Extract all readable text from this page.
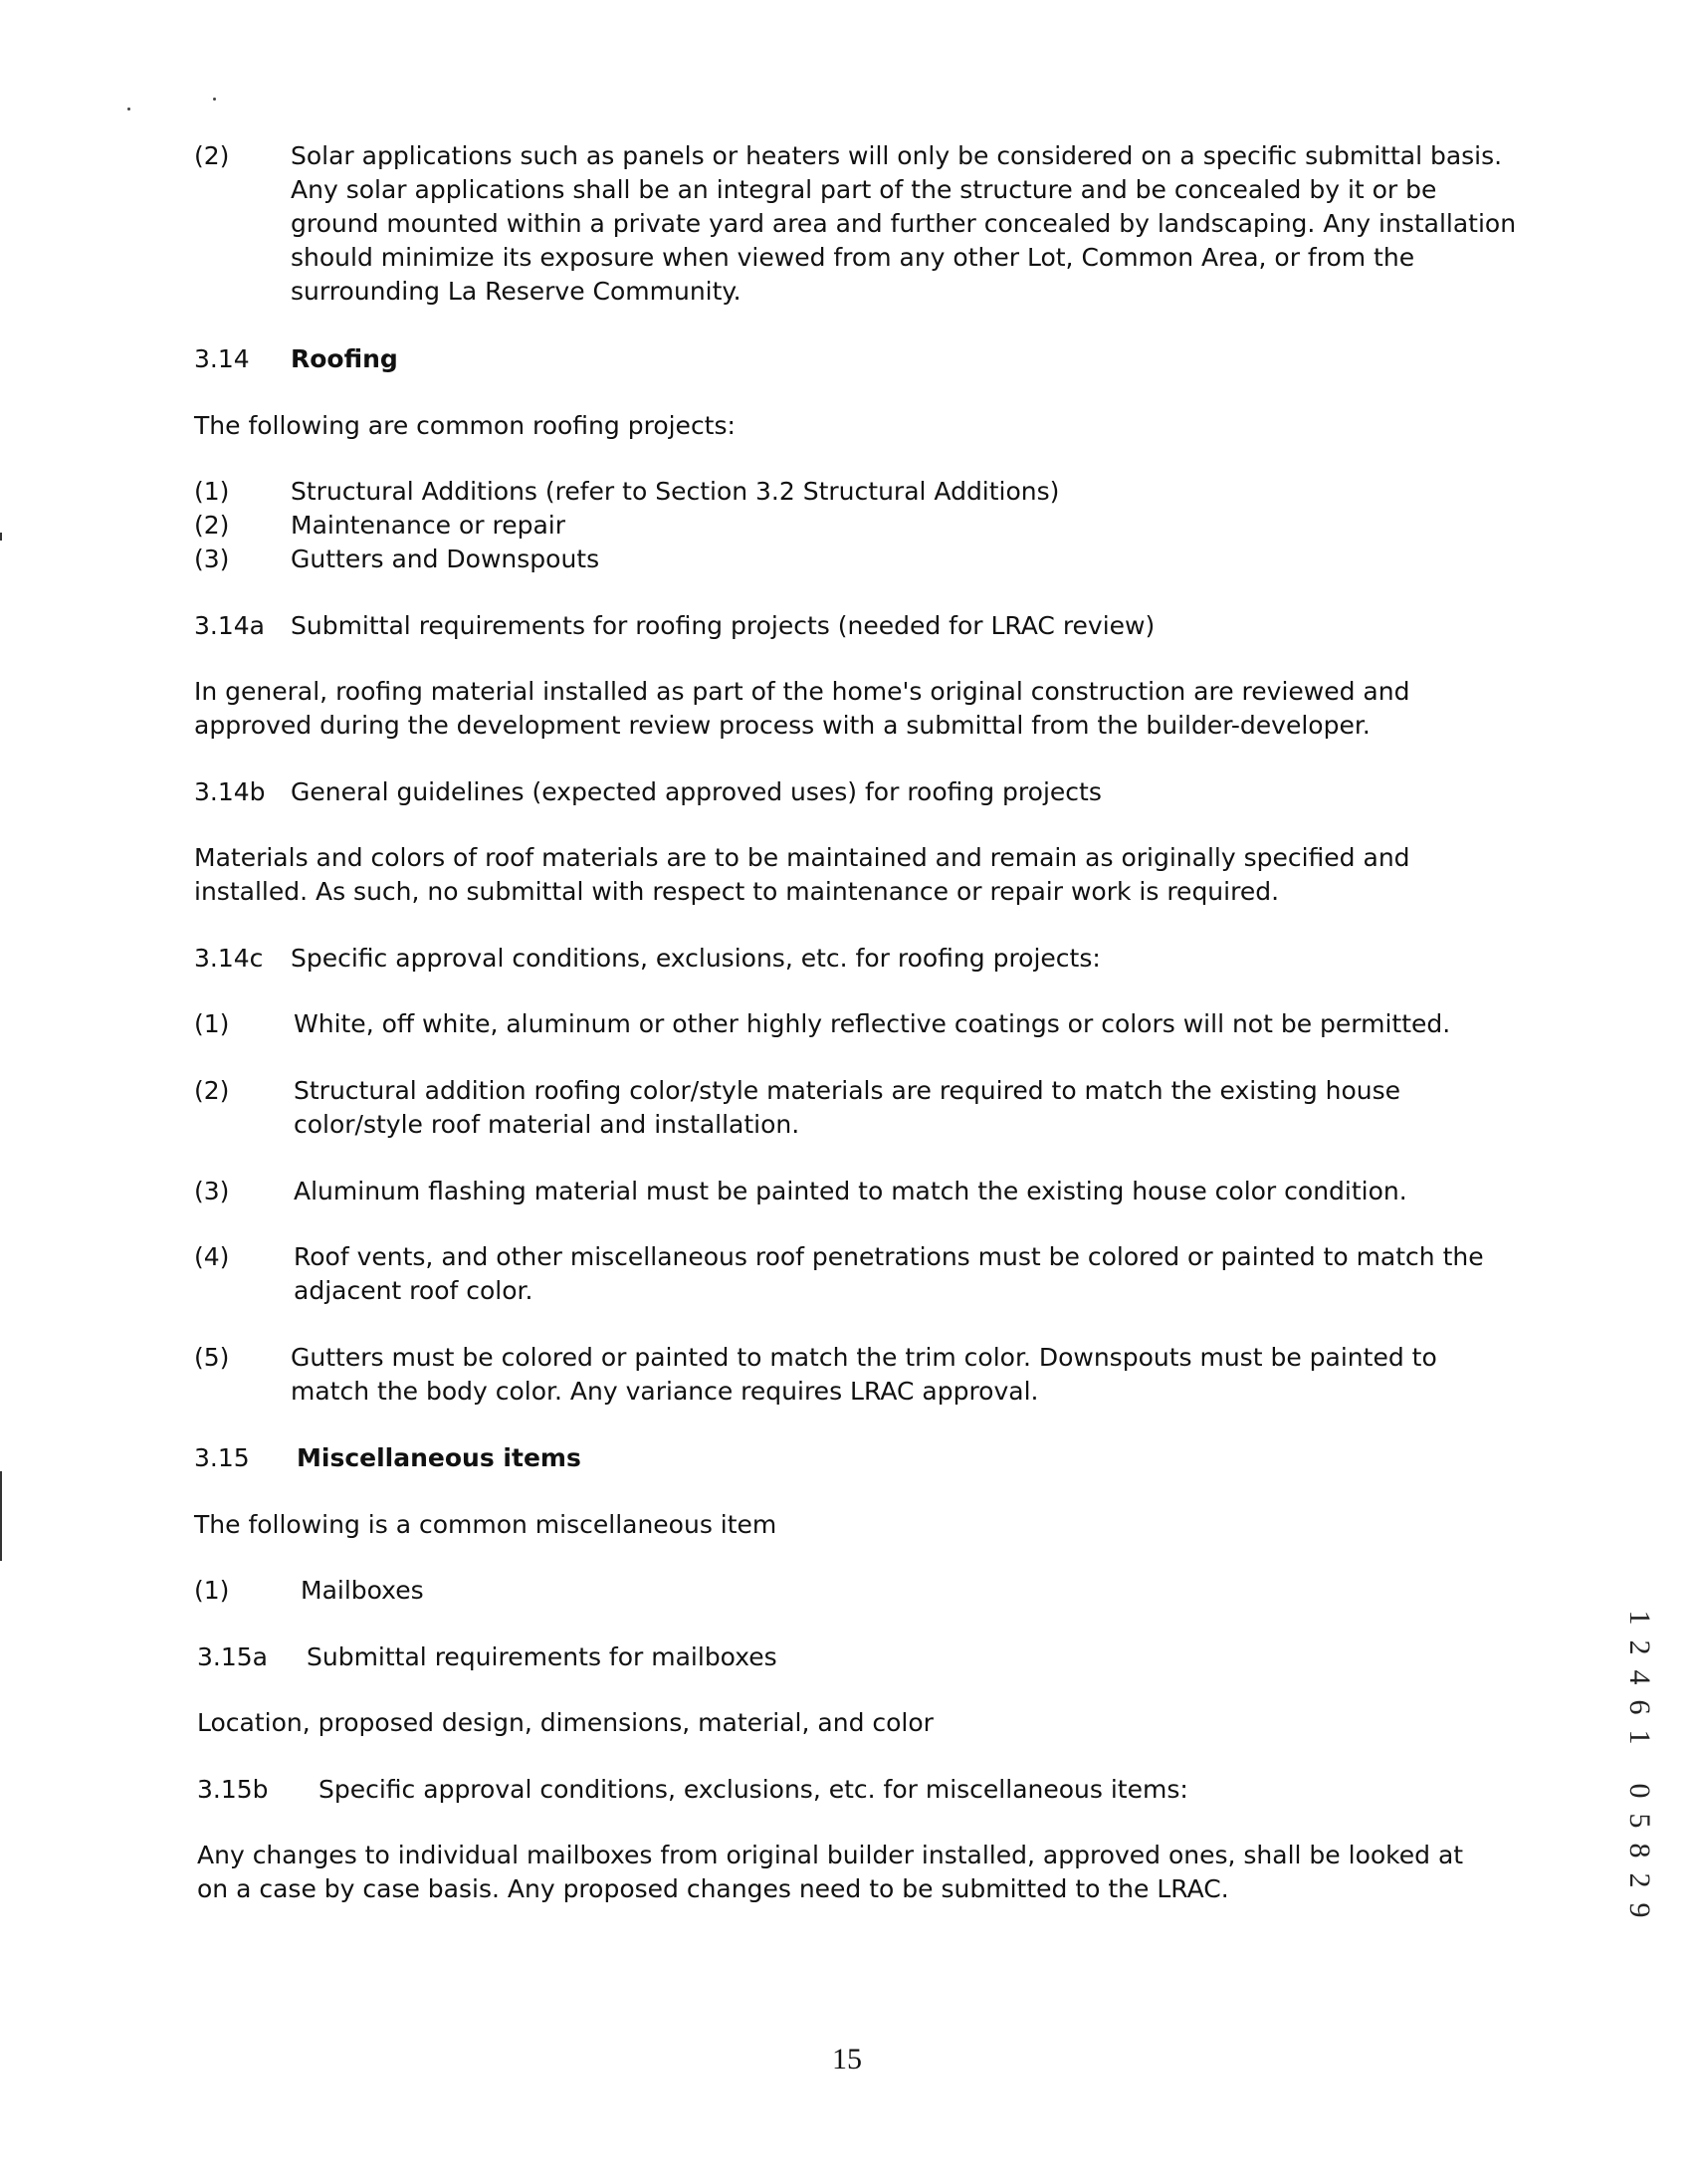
(2) Solar applications such as panels or heaters will only be considered on a specific submittal basis.
Any solar applications shall be an integral part of the structure and be concealed by it or be
ground mounted within a private yard area and further concealed by landscaping. Any installation
should minimize its exposure when viewed from any other Lot, Common Area, or from the
surrounding La Reserve Community.
3.14 Roofing
The following are common roofing projects:
(1) Structural Additions (refer to Section 3.2 Structural Additions)
(2) Maintenance or repair
(3) Gutters and Downspouts
3.14a Submittal requirements for roofing projects (needed for LRAC review)
In general, roofing material installed as part of the home's original construction are reviewed and
approved during the development review process with a submittal from the builder-developer.
3.14b General guidelines (expected approved uses) for roofing projects
Materials and colors of roof materials are to be maintained and remain as originally specified and
installed. As such, no submittal with respect to maintenance or repair work is required.
3.14c Specific approval conditions, exclusions, etc. for roofing projects:
(1)	White, off white, aluminum or other highly reflective coatings or colors will not be permitted.
(2)	Structural addition roofing color/style materials are required to match the existing house
color/style roof material and installation.
(3)	Aluminum flashing material must be painted to match the existing house color condition.
(4)	Roof vents, and other miscellaneous roof penetrations must be colored or painted to match the
adjacent roof color.
(5) Gutters must be colored or painted to match the trim color. Downspouts must be painted to
match the body color. Any variance requires LRAC approval.
3.15 Miscellaneous items
The following is a common miscellaneous item
(1)	Mailboxes
3.15a Submittal requirements for mailboxes
Location, proposed design, dimensions, material, and color
3.15b Specific approval conditions, exclusions, etc. for miscellaneous items:
Any changes to individual mailboxes from original builder installed, approved ones, shall be looked at
on a case by case basis. Any proposed changes need to be submitted to the LRAC.
15
1
2
4
6
1
0
5
8
2
9
